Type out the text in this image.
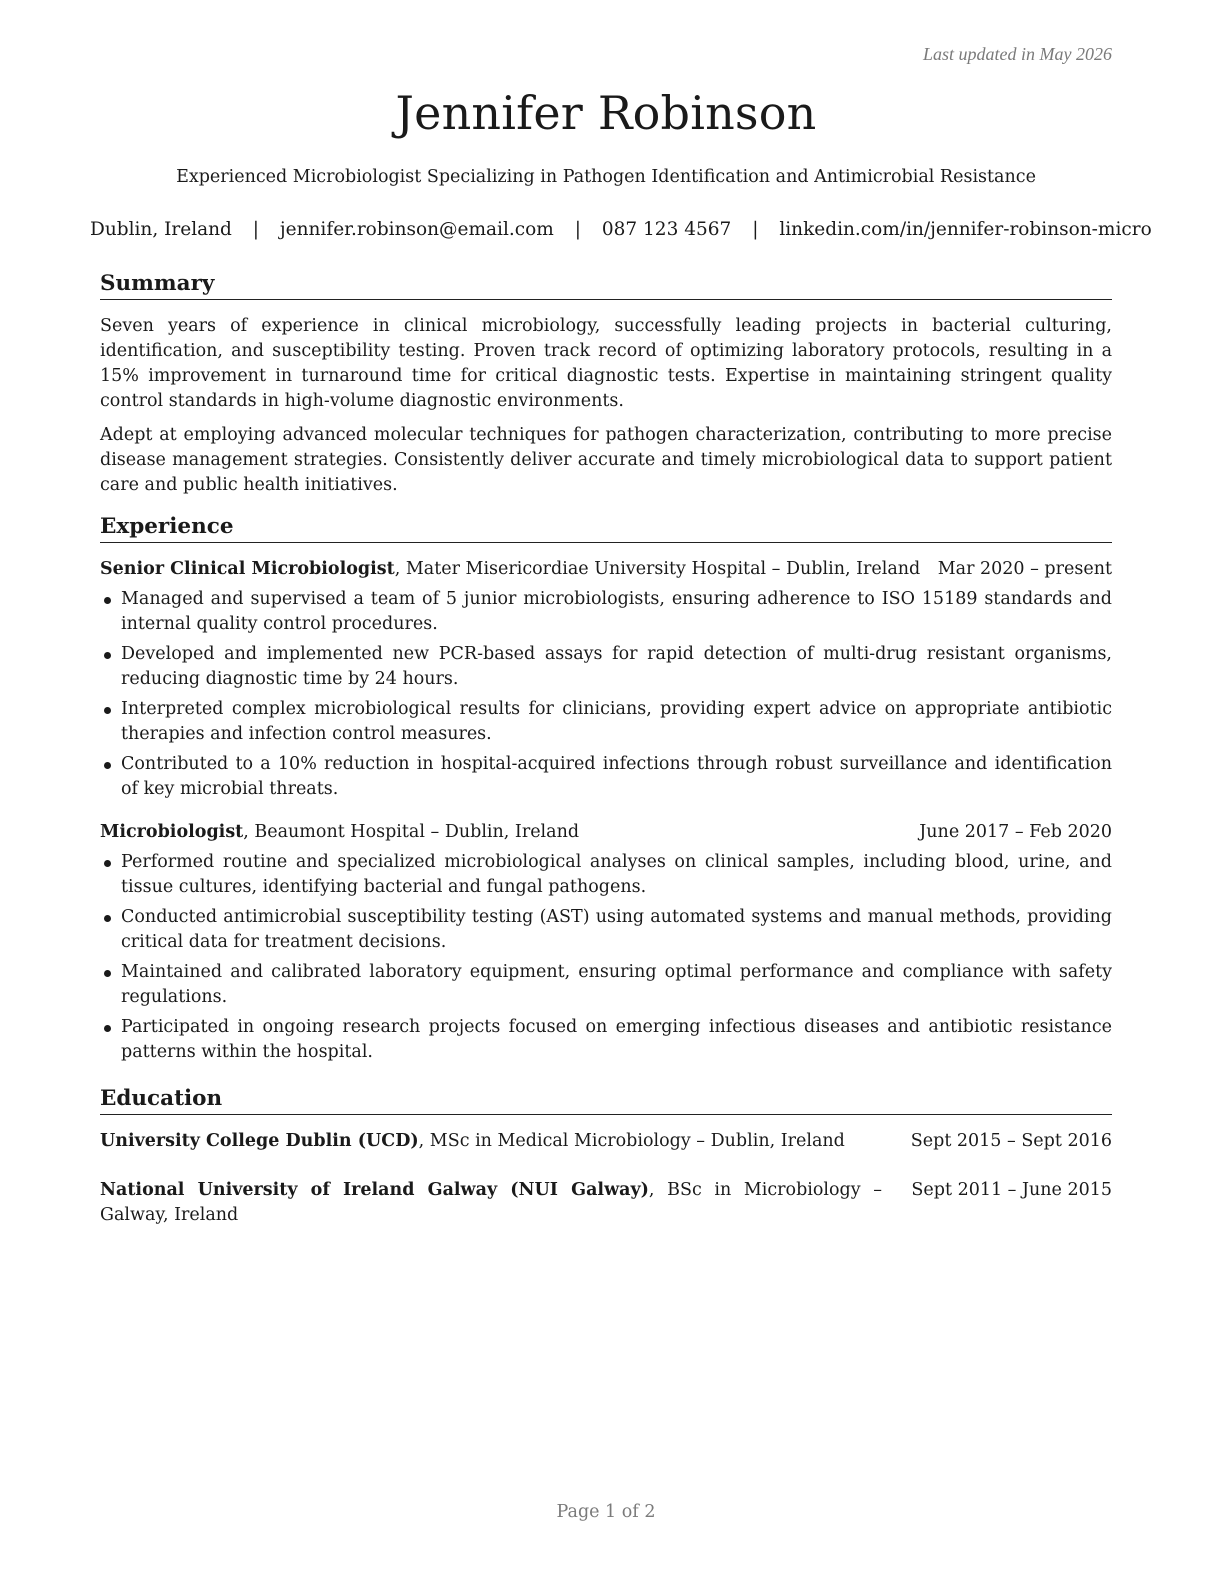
Last updated in May 2026
Jennifer Robinson
Experienced Microbiologist Specializing in Pathogen Identification and Antimicrobial Resistance
Dublin, Ireland | jennifer.robinson@email.com | 087 123 4567 | linkedin.com/in/jennifer-robinson-micro
Summary

Seven years of experience in clinical microbiology, successfully leading projects in bacterial culturing, identification, and susceptibility testing. Proven track record of optimizing laboratory protocols, resulting in a 15% improvement in turnaround time for critical diagnostic tests. Expertise in maintaining stringent quality control standards in high-volume diagnostic environments.

Adept at employing advanced molecular techniques for pathogen characterization, contributing to more precise disease management strategies. Consistently deliver accurate and timely microbiological data to support patient care and public health initiatives.

Experience
Senior Clinical Microbiologist, Mater Misericordiae University Hospital – Dublin, Ireland Mar 2020 – present
Managed and supervised a team of 5 junior microbiologists, ensuring adherence to ISO 15189 standards and internal quality control procedures.
Developed and implemented new PCR-based assays for rapid detection of multi-drug resistant organisms, reducing diagnostic time by 24 hours.
Interpreted complex microbiological results for clinicians, providing expert advice on appropriate antibiotic therapies and infection control measures.
Contributed to a 10% reduction in hospital-acquired infections through robust surveillance and identification of key microbial threats.
Microbiologist, Beaumont Hospital – Dublin, Ireland	June 2017 – Feb 2020
Performed routine and specialized microbiological analyses on clinical samples, including blood, urine, and tissue cultures, identifying bacterial and fungal pathogens.
Conducted antimicrobial susceptibility testing (AST) using automated systems and manual methods, providing critical data for treatment decisions.
Maintained and calibrated laboratory equipment, ensuring optimal performance and compliance with safety regulations.
Participated in ongoing research projects focused on emerging infectious diseases and antibiotic resistance patterns within the hospital.
Education
University College Dublin (UCD), MSc in Medical Microbiology – Dublin, Ireland	Sept 2015 – Sept 2016
National University of Ireland Galway (NUI Galway), BSc in Microbiology – Galway, Ireland
Sept 2011 – June 2015
Page 1 of 2
